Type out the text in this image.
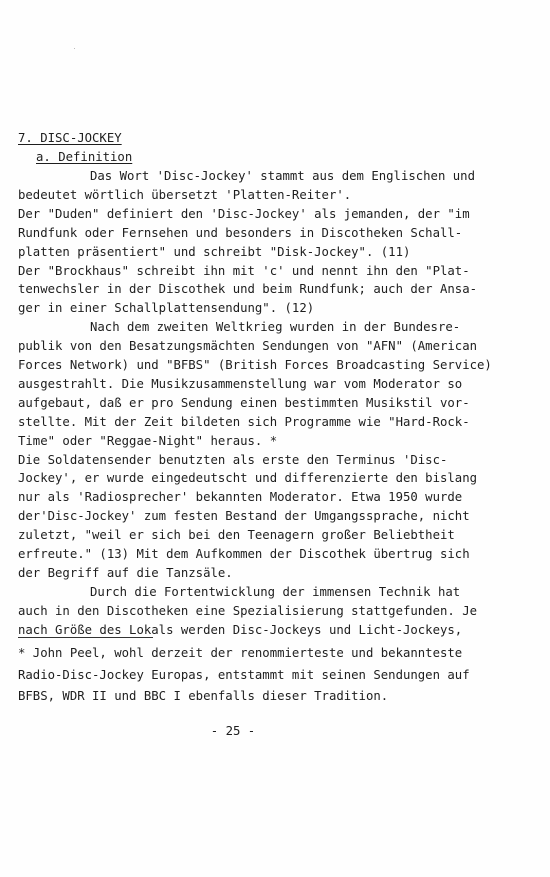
7. DISC-JOCKEY
a. Definition
Das Wort 'Disc-Jockey' stammt aus dem Englischen und
bedeutet wörtlich übersetzt 'Platten-Reiter'.
Der "Duden" definiert den 'Disc-Jockey' als jemanden, der "im
Rundfunk oder Fernsehen und besonders in Discotheken Schall-
platten präsentiert" und schreibt "Disk-Jockey". (11)
Der "Brockhaus" schreibt ihn mit 'c' und nennt ihn den "Plat-
tenwechsler in der Discothek und beim Rundfunk; auch der Ansa-
ger in einer Schallplattensendung". (12)
Nach dem zweiten Weltkrieg wurden in der Bundesre-
publik von den Besatzungsmächten Sendungen von "AFN" (American
Forces Network) und "BFBS" (British Forces Broadcasting Service)
ausgestrahlt. Die Musikzusammenstellung war vom Moderator so
aufgebaut, daß er pro Sendung einen bestimmten Musikstil vor-
stellte. Mit der Zeit bildeten sich Programme wie "Hard-Rock-
Time" oder "Reggae-Night" heraus. *
Die Soldatensender benutzten als erste den Terminus 'Disc-
Jockey', er wurde eingedeutscht und differenzierte den bislang
nur als 'Radiosprecher' bekannten Moderator. Etwa 1950 wurde
der'Disc-Jockey' zum festen Bestand der Umgangssprache, nicht
zuletzt, "weil er sich bei den Teenagern großer Beliebtheit
erfreute." (13) Mit dem Aufkommen der Discothek übertrug sich
der Begriff auf die Tanzsäle.
Durch die Fortentwicklung der immensen Technik hat
auch in den Discotheken eine Spezialisierung stattgefunden. Je
nach Größe des Lokals werden Disc-Jockeys und Licht-Jockeys,
* John Peel, wohl derzeit der renommierteste und bekannteste
Radio-Disc-Jockey Europas, entstammt mit seinen Sendungen auf
BFBS, WDR II und BBC I ebenfalls dieser Tradition.
- 25 -
